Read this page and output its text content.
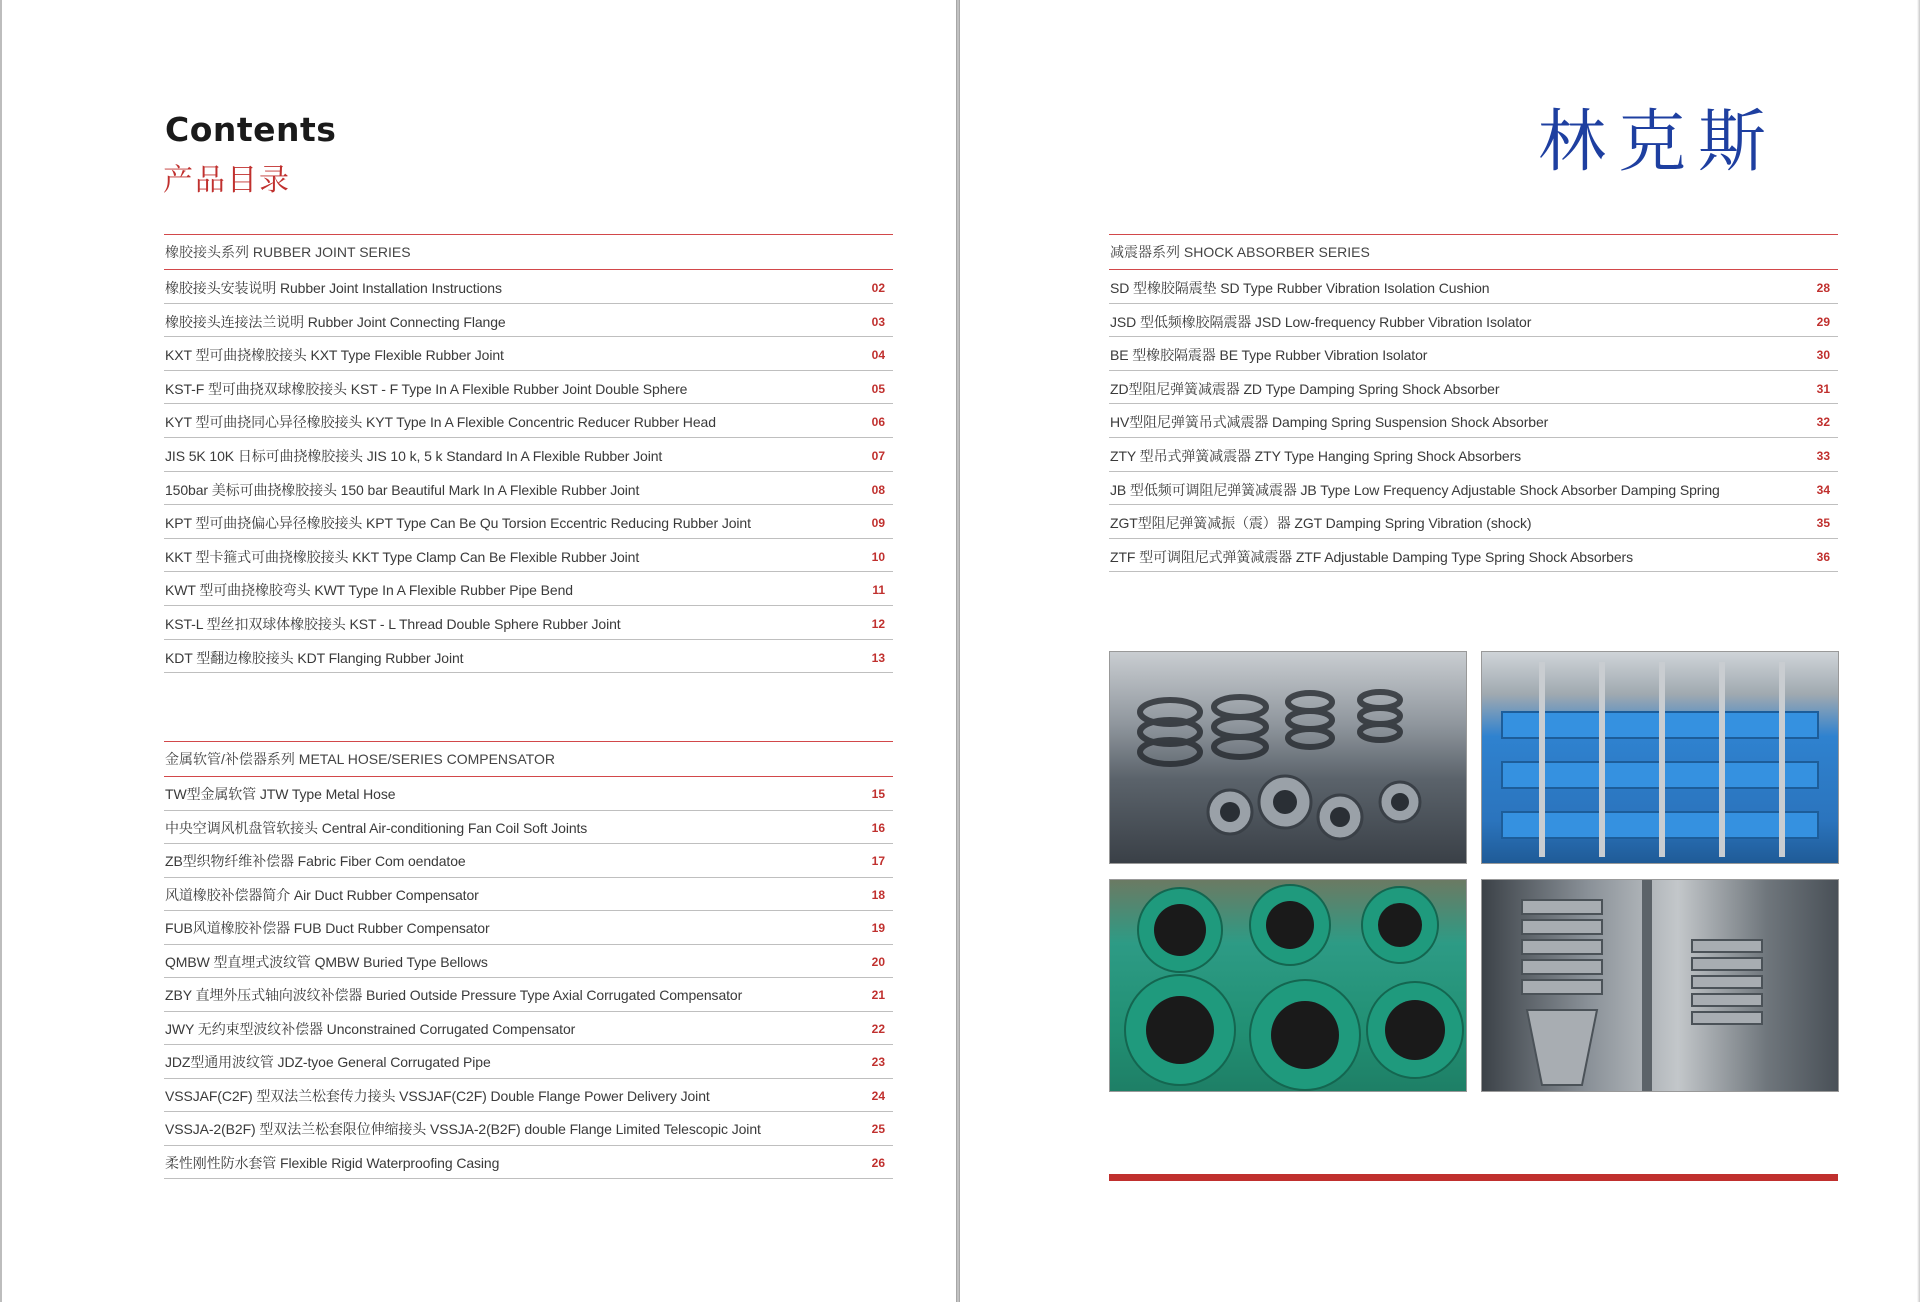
Contents
产品目录
橡胶接头系列 RUBBER JOINT SERIES
橡胶接头安装说明 Rubber Joint Installation Instructions	02
橡胶接头连接法兰说明 Rubber Joint Connecting Flange	03
KXT 型可曲挠橡胶接头 KXT Type Flexible Rubber Joint	04
KST-F 型可曲挠双球橡胶接头 KST - F Type In A Flexible Rubber Joint Double Sphere	05
KYT 型可曲挠同心异径橡胶接头 KYT Type In A Flexible Concentric Reducer Rubber Head	06
JIS 5K 10K 日标可曲挠橡胶接头 JIS 10 k, 5 k Standard In A Flexible Rubber Joint	07
150bar 美标可曲挠橡胶接头 150 bar Beautiful Mark In A Flexible Rubber Joint	08
KPT 型可曲挠偏心异径橡胶接头 KPT Type Can Be Qu Torsion Eccentric Reducing Rubber Joint	09
KKT 型卡箍式可曲挠橡胶接头 KKT Type Clamp Can Be Flexible Rubber Joint	10
KWT 型可曲挠橡胶弯头 KWT Type In A Flexible Rubber Pipe Bend	11
KST-L 型丝扣双球体橡胶接头 KST - L Thread Double Sphere Rubber Joint	12
KDT 型翻边橡胶接头 KDT Flanging Rubber Joint	13
金属软管/补偿器系列 METAL HOSE/SERIES COMPENSATOR
TW型金属软管 JTW Type Metal Hose	15
中央空调风机盘管软接头 Central Air-conditioning Fan Coil Soft Joints	16
ZB型织物纤维补偿器 Fabric Fiber Com oendatoe	17
风道橡胶补偿器简介 Air Duct Rubber Compensator	18
FUB风道橡胶补偿器 FUB Duct Rubber Compensator	19
QMBW 型直埋式波纹管 QMBW Buried Type Bellows	20
ZBY 直埋外压式轴向波纹补偿器 Buried Outside Pressure Type Axial Corrugated Compensator	21
JWY 无约束型波纹补偿器 Unconstrained Corrugated Compensator	22
JDZ型通用波纹管 JDZ-tyoe General Corrugated Pipe	23
VSSJAF(C2F) 型双法兰松套传力接头 VSSJAF(C2F) Double Flange Power Delivery Joint	24
VSSJA-2(B2F) 型双法兰松套限位伸缩接头 VSSJA-2(B2F) double Flange Limited Telescopic Joint	25
柔性刚性防水套管 Flexible Rigid Waterproofing Casing	26
林克斯
减震器系列 SHOCK ABSORBER SERIES
SD 型橡胶隔震垫 SD Type Rubber Vibration Isolation Cushion	28
JSD 型低频橡胶隔震器 JSD Low-frequency Rubber Vibration Isolator	29
BE 型橡胶隔震器 BE Type Rubber Vibration Isolator	30
ZD型阻尼弹簧减震器 ZD Type Damping Spring Shock Absorber	31
HV型阻尼弹簧吊式减震器 Damping Spring Suspension Shock Absorber	32
ZTY 型吊式弹簧减震器 ZTY Type Hanging Spring Shock Absorbers	33
JB 型低频可调阻尼弹簧减震器 JB Type Low Frequency Adjustable Shock Absorber Damping Spring	34
ZGT型阻尼弹簧减振（震）器 ZGT Damping Spring Vibration (shock)	35
ZTF 型可调阻尼式弹簧减震器 ZTF Adjustable Damping Type Spring Shock Absorbers	36
